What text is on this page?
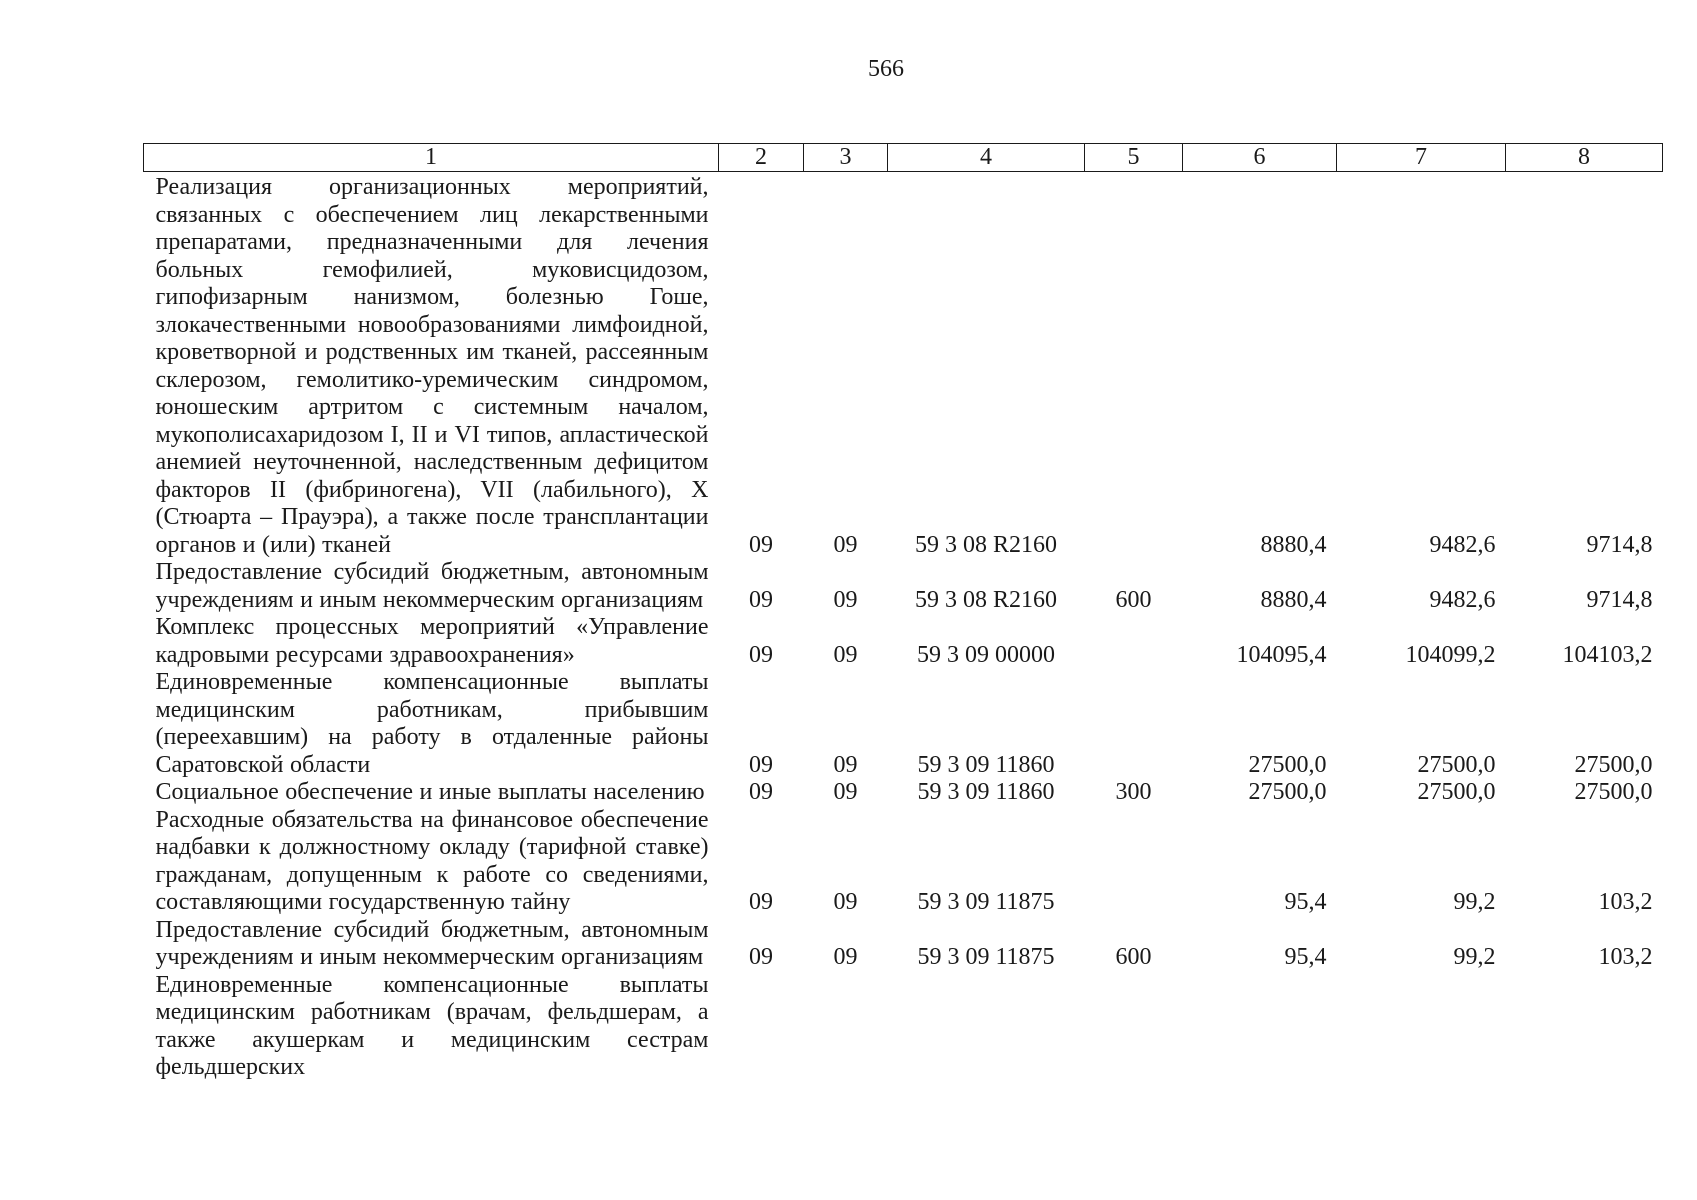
566
1	2	3	4	5	6	7	8
Реализация организационных мероприятий, связанных с обеспечением лиц лекарственными препаратами, предназначенными для лечения больных гемофилией, муковисцидозом, гипофизарным нанизмом, болезнью Гоше, злокачественными новообразованиями лимфоидной, кроветворной и родственных им тканей, рассеянным склерозом, гемолитико-уремическим синдромом, юношеским артритом с системным началом, мукополисахаридозом I, II и VI типов, апластической анемией неуточненной, наследственным дефицитом факторов II (фибриногена), VII (лабильного), X (Стюарта – Прауэра), а также после трансплантации органов и (или) тканей	09	09	59 3 08 R2160		8880,4	9482,6	9714,8
Предоставление субсидий бюджетным, автономным учреждениям и иным некоммерческим организациям	09	09	59 3 08 R2160	600	8880,4	9482,6	9714,8
Комплекс процессных мероприятий «Управление кадровыми ресурсами здравоохранения»	09	09	59 3 09 00000		104095,4	104099,2	104103,2
Единовременные компенсационные выплаты медицинским работникам, прибывшим (переехавшим) на работу в отдаленные районы Саратовской области	09	09	59 3 09 11860		27500,0	27500,0	27500,0
Социальное обеспечение и иные выплаты населению	09	09	59 3 09 11860	300	27500,0	27500,0	27500,0
Расходные обязательства на финансовое обеспечение надбавки к должностному окладу (тарифной ставке) гражданам, допущенным к работе со сведениями, составляющими государственную тайну	09	09	59 3 09 11875		95,4	99,2	103,2
Предоставление субсидий бюджетным, автономным учреждениям и иным некоммерческим организациям	09	09	59 3 09 11875	600	95,4	99,2	103,2
Единовременные компенсационные выплаты медицинским работникам (врачам, фельдшерам, а также акушеркам и медицинским сестрам фельдшерских							
